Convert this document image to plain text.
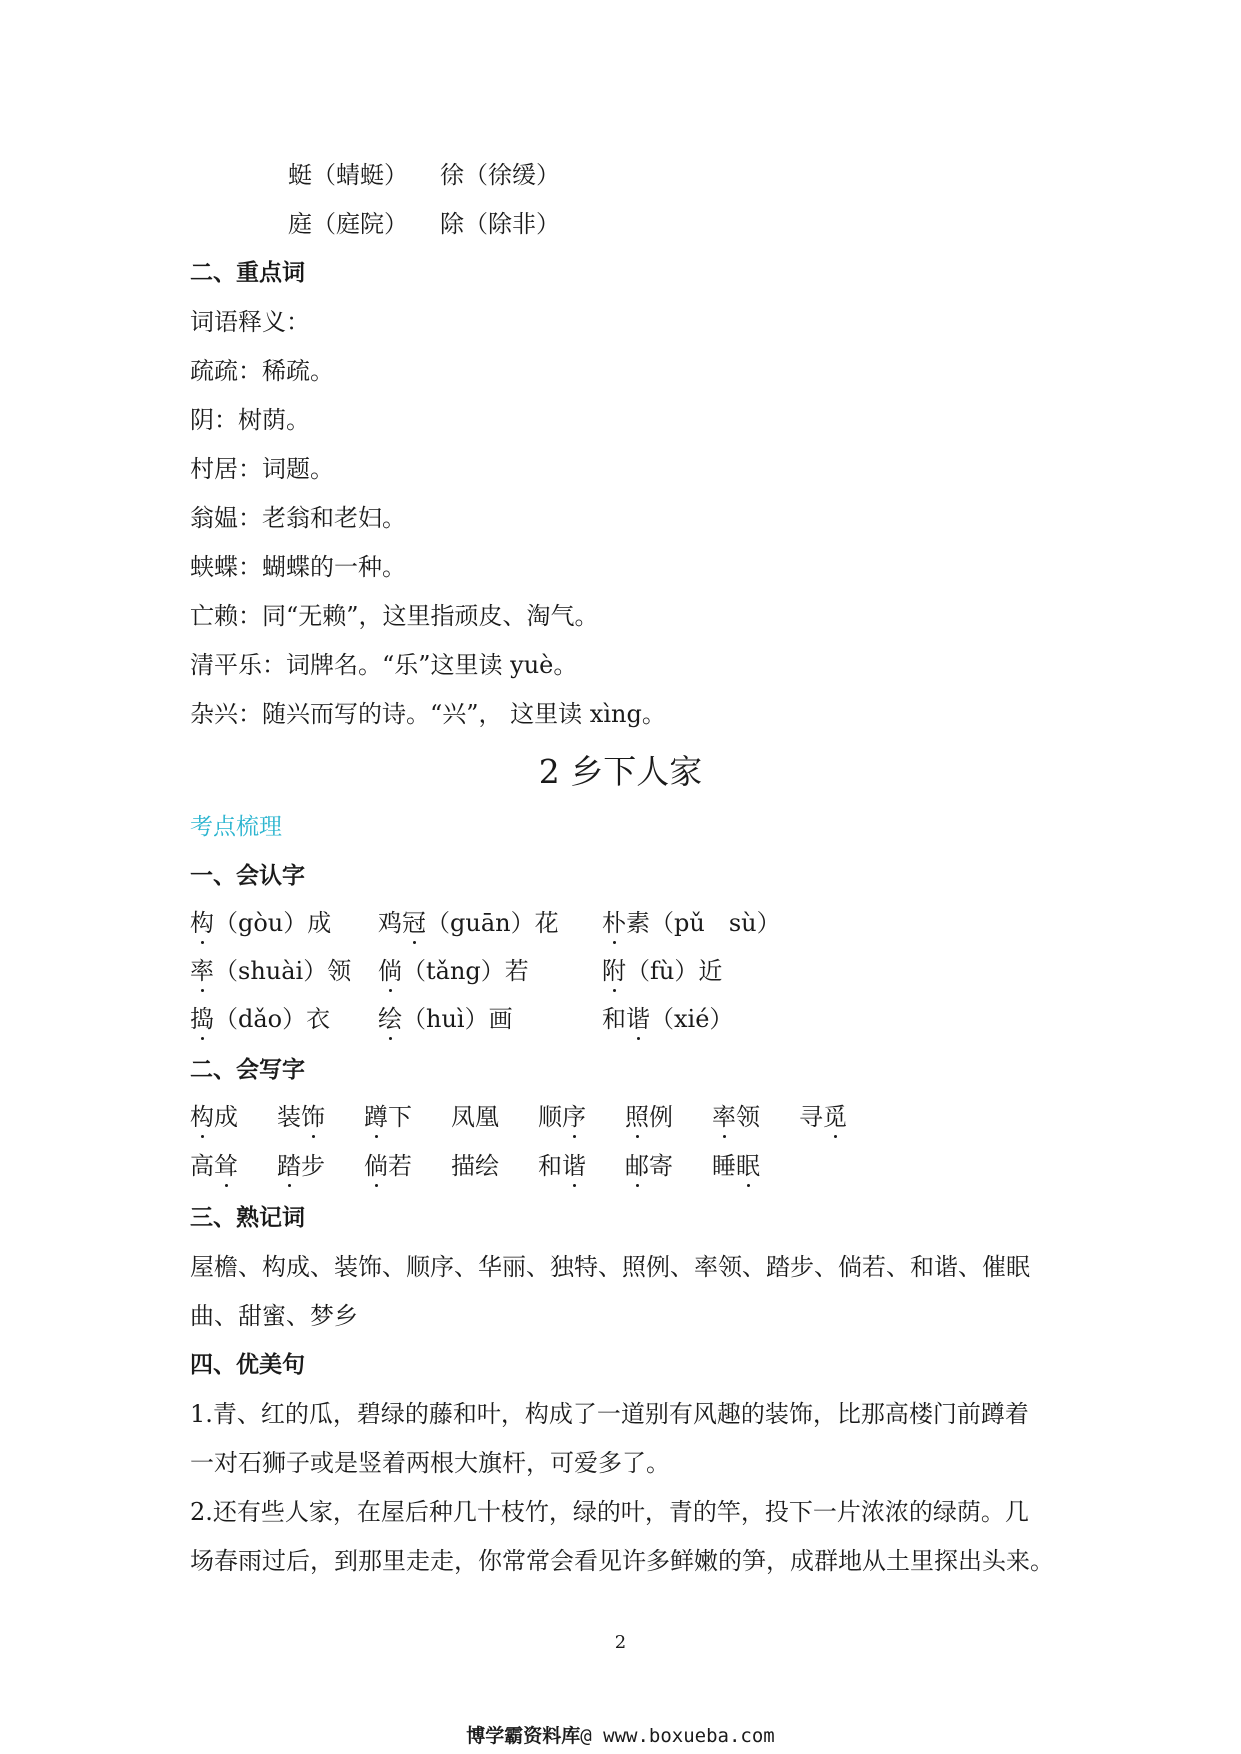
蜓（蜻蜓） 徐（徐缓）
庭（庭院） 除（除非）
二、重点词
词语释义：
疏疏：稀疏。
阴：树荫。
村居：词题。
翁媪：老翁和老妇。
蛱蝶：蝴蝶的一种。
亡赖：同“无赖”，这里指顽皮、淘气。
清平乐：词牌名。“乐”这里读 yuè。
杂兴：随兴而写的诗。“兴”， 这里读 xìng。
2 乡下人家
考点梳理
一、会认字
构（gòu）成 鸡冠（guān）花 朴素（pǔ　sù）
率（shuài）领 倘（tǎng）若	附（fù）近
捣（dǎo）衣 绘（huì）画	和谐（xié）
二、会写字
构成 装饰 蹲下 凤凰 顺序 照例 率领 寻觅
高耸 踏步 倘若 描绘 和谐 邮寄 睡眠
三、熟记词
屋檐、构成、装饰、顺序、华丽、独特、照例、率领、踏步、倘若、和谐、催眠
曲、甜蜜、梦乡
四、优美句
1.青、红的瓜，碧绿的藤和叶，构成了一道别有风趣的装饰，比那高楼门前蹲着
一对石狮子或是竖着两根大旗杆，可爱多了。
2.还有些人家，在屋后种几十枝竹，绿的叶，青的竿，投下一片浓浓的绿荫。几
场春雨过后，到那里走走，你常常会看见许多鲜嫩的笋，成群地从土里探出头来。
2
博学霸资料库@ www.boxueba.com
